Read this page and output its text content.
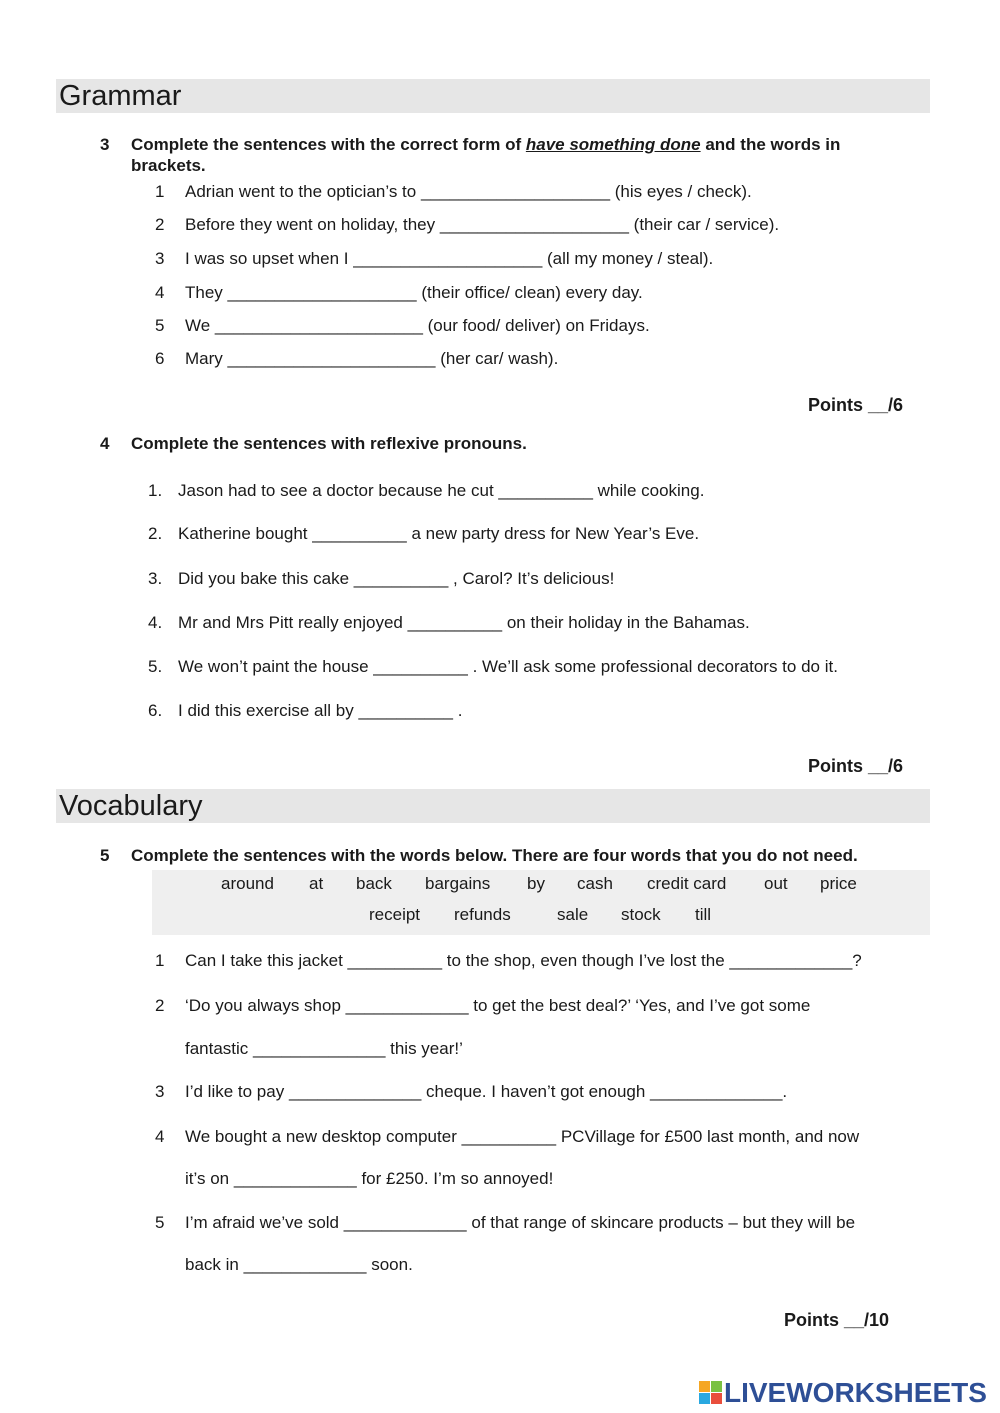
Grammar
3 Complete the sentences with the correct form of have something done and the words in
brackets.
1	Adrian went to the optician’s to ____________________ (his eyes / check).
2	Before they went on holiday, they ____________________ (their car / service).
3	I was so upset when I ____________________ (all my money / steal).
4	They ____________________ (their office/ clean) every day.
5	We ______________________ (our food/ deliver) on Fridays.
6	Mary ______________________ (her car/ wash).
Points __/6
4 Complete the sentences with reflexive pronouns.
1. Jason had to see a doctor because he cut __________ while cooking.
2. Katherine bought __________ a new party dress for New Year’s Eve.
3. Did you bake this cake __________ , Carol? It’s delicious!
4. Mr and Mrs Pitt really enjoyed __________ on their holiday in the Bahamas.
5. We won’t paint the house __________ . We’ll ask some professional decorators to do it.
6. I did this exercise all by __________ .
Points __/6
Vocabulary
5 Complete the sentences with the words below. There are four words that you do not need.
around at back bargains by cash credit card out price
receipt refunds	sale stock till
1	Can I take this jacket __________ to the shop, even though I’ve lost the _____________?
2	‘Do you always shop _____________ to get the best deal?’ ‘Yes, and I’ve got some
fantastic ______________ this year!’
3	I’d like to pay ______________ cheque. I haven’t got enough ______________.
4	We bought a new desktop computer __________ PCVillage for £500 last month, and now
it’s on _____________ for £250. I’m so annoyed!
5	I’m afraid we’ve sold _____________ of that range of skincare products – but they will be
back in _____________ soon.
Points __/10
LIVEWORKSHEETS
